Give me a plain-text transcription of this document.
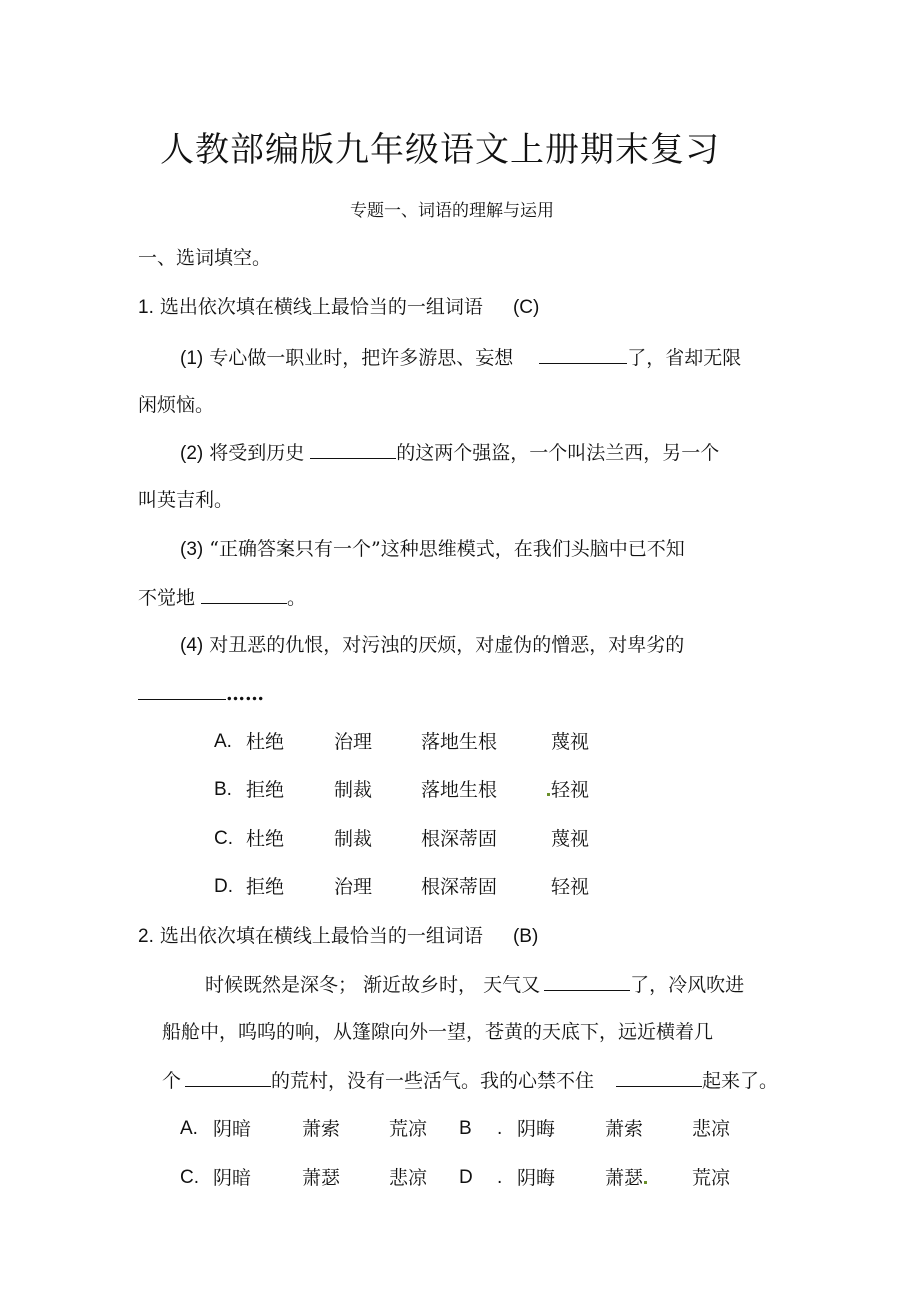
人教部编版九年级语文上册期末复习
专题一、词语的理解与运用
一、选词填空。
1. 选出依次填在横线上最恰当的一组词语 (C)
(1) 专心做一职业时，把许多游思、妄想	了，省却无限
闲烦恼。
(2) 将受到历史	的这两个强盗，一个叫法兰西，另一个
叫英吉利。
(3) “正确答案只有一个”这种思维模式，在我们头脑中已不知
不觉地	。
(4) 对丑恶的仇恨，对污浊的厌烦，对虚伪的憎恶，对卑劣的
……
A. 杜绝	治理	落地生根	蔑视
B. 拒绝	制裁	落地生根	轻视
C. 杜绝	制裁	根深蒂固	蔑视
D. 拒绝	治理	根深蒂固	轻视
2. 选出依次填在横线上最恰当的一组词语 (B)
时候既然是深冬； 渐近故乡时， 天气又	了，冷风吹进
船舱中，呜呜的响，从篷隙向外一望，苍黄的天底下，远近横着几
个	的荒村，没有一些活气。我的心禁不住	起来了。
A. 阴暗	萧索	荒凉 B . 阴晦	萧索	悲凉
C. 阴暗	萧瑟	悲凉 D . 阴晦	萧瑟	荒凉
